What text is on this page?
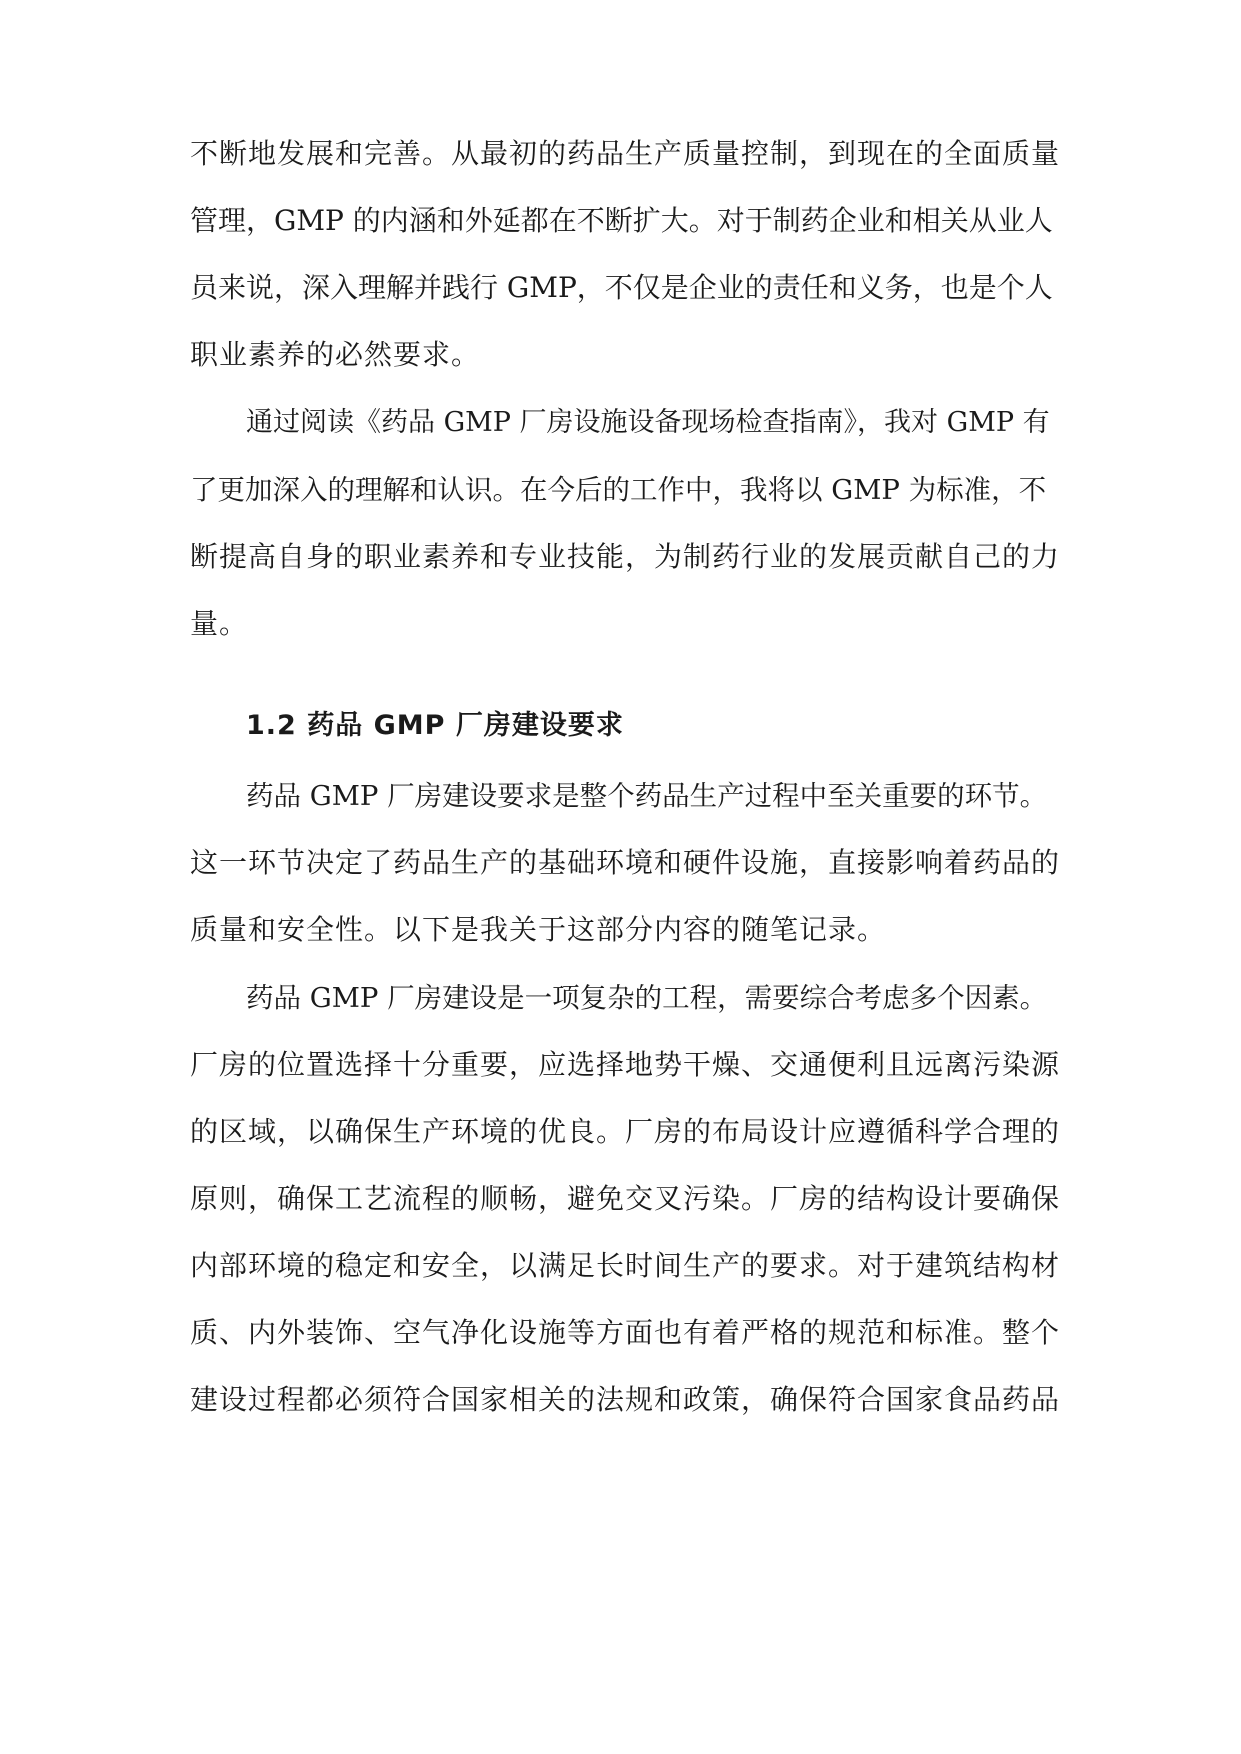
不断地发展和完善。从最初的药品生产质量控制，到现在的全面质量
管理，GMP 的内涵和外延都在不断扩大。对于制药企业和相关从业人
员来说，深入理解并践行 GMP，不仅是企业的责任和义务，也是个人
职业素养的必然要求。
通过阅读《药品 GMP 厂房设施设备现场检查指南》，我对 GMP 有
了更加深入的理解和认识。在今后的工作中，我将以 GMP 为标准，不
断提高自身的职业素养和专业技能，为制药行业的发展贡献自己的力
量。
1.2 药品 GMP 厂房建设要求
药品 GMP 厂房建设要求是整个药品生产过程中至关重要的环节。
这一环节决定了药品生产的基础环境和硬件设施，直接影响着药品的
质量和安全性。以下是我关于这部分内容的随笔记录。
药品 GMP 厂房建设是一项复杂的工程，需要综合考虑多个因素。
厂房的位置选择十分重要，应选择地势干燥、交通便利且远离污染源
的区域，以确保生产环境的优良。厂房的布局设计应遵循科学合理的
原则，确保工艺流程的顺畅，避免交叉污染。厂房的结构设计要确保
内部环境的稳定和安全，以满足长时间生产的要求。对于建筑结构材
质、内外装饰、空气净化设施等方面也有着严格的规范和标准。整个
建设过程都必须符合国家相关的法规和政策，确保符合国家食品药品
